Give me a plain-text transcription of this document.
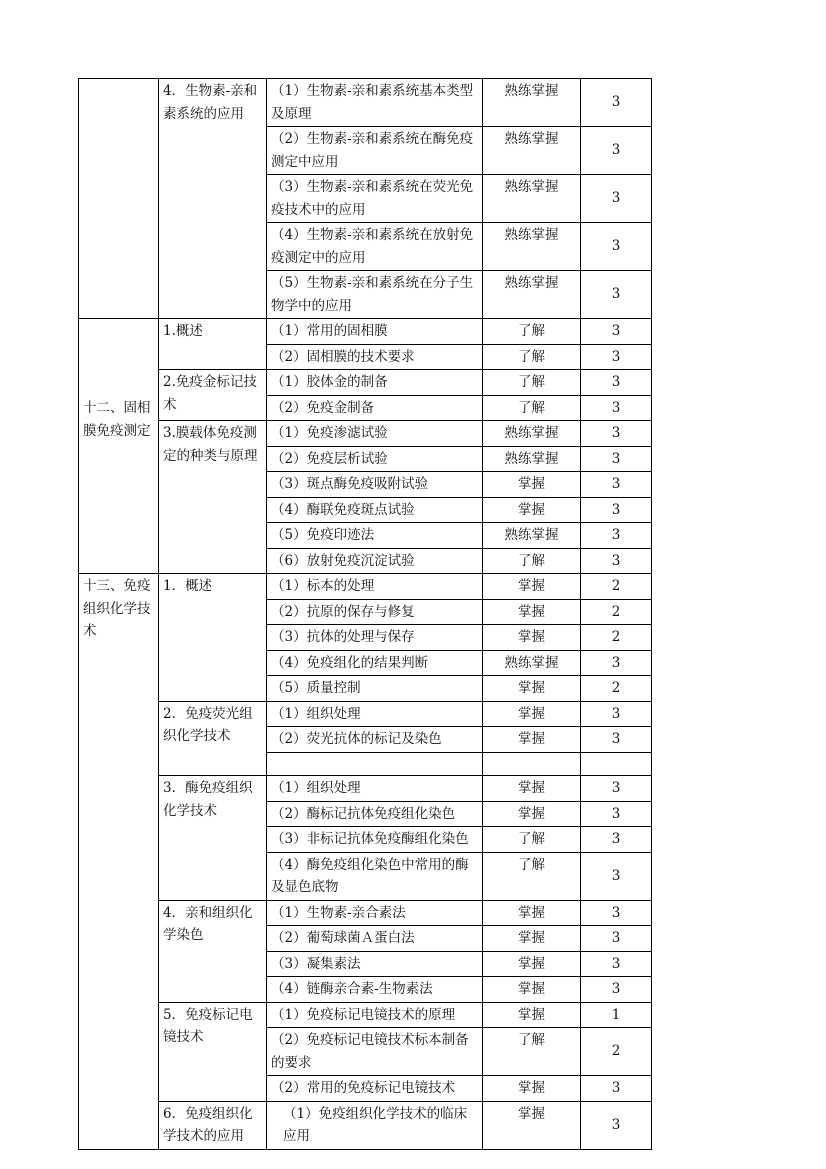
	4．生物素-亲和素系统的应用	（1）生物素-亲和素系统基本类型及原理	熟练掌握	3
		（2）生物素-亲和素系统在酶免疫测定中应用	熟练掌握	3
		（3）生物素-亲和素系统在荧光免疫技术中的应用	熟练掌握	3
		（4）生物素-亲和素系统在放射免疫测定中的应用	熟练掌握	3
		（5）生物素-亲和素系统在分子生物学中的应用	熟练掌握	3
十二、固相膜免疫测定	1.概述	（1）常用的固相膜	了解	3
		（2）固相膜的技术要求	了解	3
	2.免疫金标记技术	（1）胶体金的制备	了解	3
		（2）免疫金制备	了解	3
	3.膜载体免疫测定的种类与原理	（1）免疫渗滤试验	熟练掌握	3
		（2）免疫层析试验	熟练掌握	3
		（3）斑点酶免疫吸附试验	掌握	3
		（4）酶联免疫斑点试验	掌握	3
		（5）免疫印迹法	熟练掌握	3
		（6）放射免疫沉淀试验	了解	3
十三、免疫组织化学技术	1．概述	（1）标本的处理	掌握	2
		（2）抗原的保存与修复	掌握	2
		（3）抗体的处理与保存	掌握	2
		（4）免疫组化的结果判断	熟练掌握	3
		（5）质量控制	掌握	2
	2．免疫荧光组织化学技术	（1）组织处理	掌握	3
		（2）荧光抗体的标记及染色	掌握	3

	3．酶免疫组织化学技术	（1）组织处理	掌握	3
		（2）酶标记抗体免疫组化染色	掌握	3
		（3）非标记抗体免疫酶组化染色	了解	3
		（4）酶免疫组化染色中常用的酶及显色底物	了解	3
	4．亲和组织化学染色	（1）生物素-亲合素法	掌握	3
		（2）葡萄球菌Ａ蛋白法	掌握	3
		（3）凝集素法	掌握	3
		（4）链酶亲合素-生物素法	掌握	3
	5．免疫标记电镜技术	（1）免疫标记电镜技术的原理	掌握	1
		（2）免疫标记电镜技术标本制备的要求	了解	2
		（2）常用的免疫标记电镜技术	掌握	3
	6．免疫组织化学技术的应用	（1）免疫组织化学技术的临床应用	掌握	3
